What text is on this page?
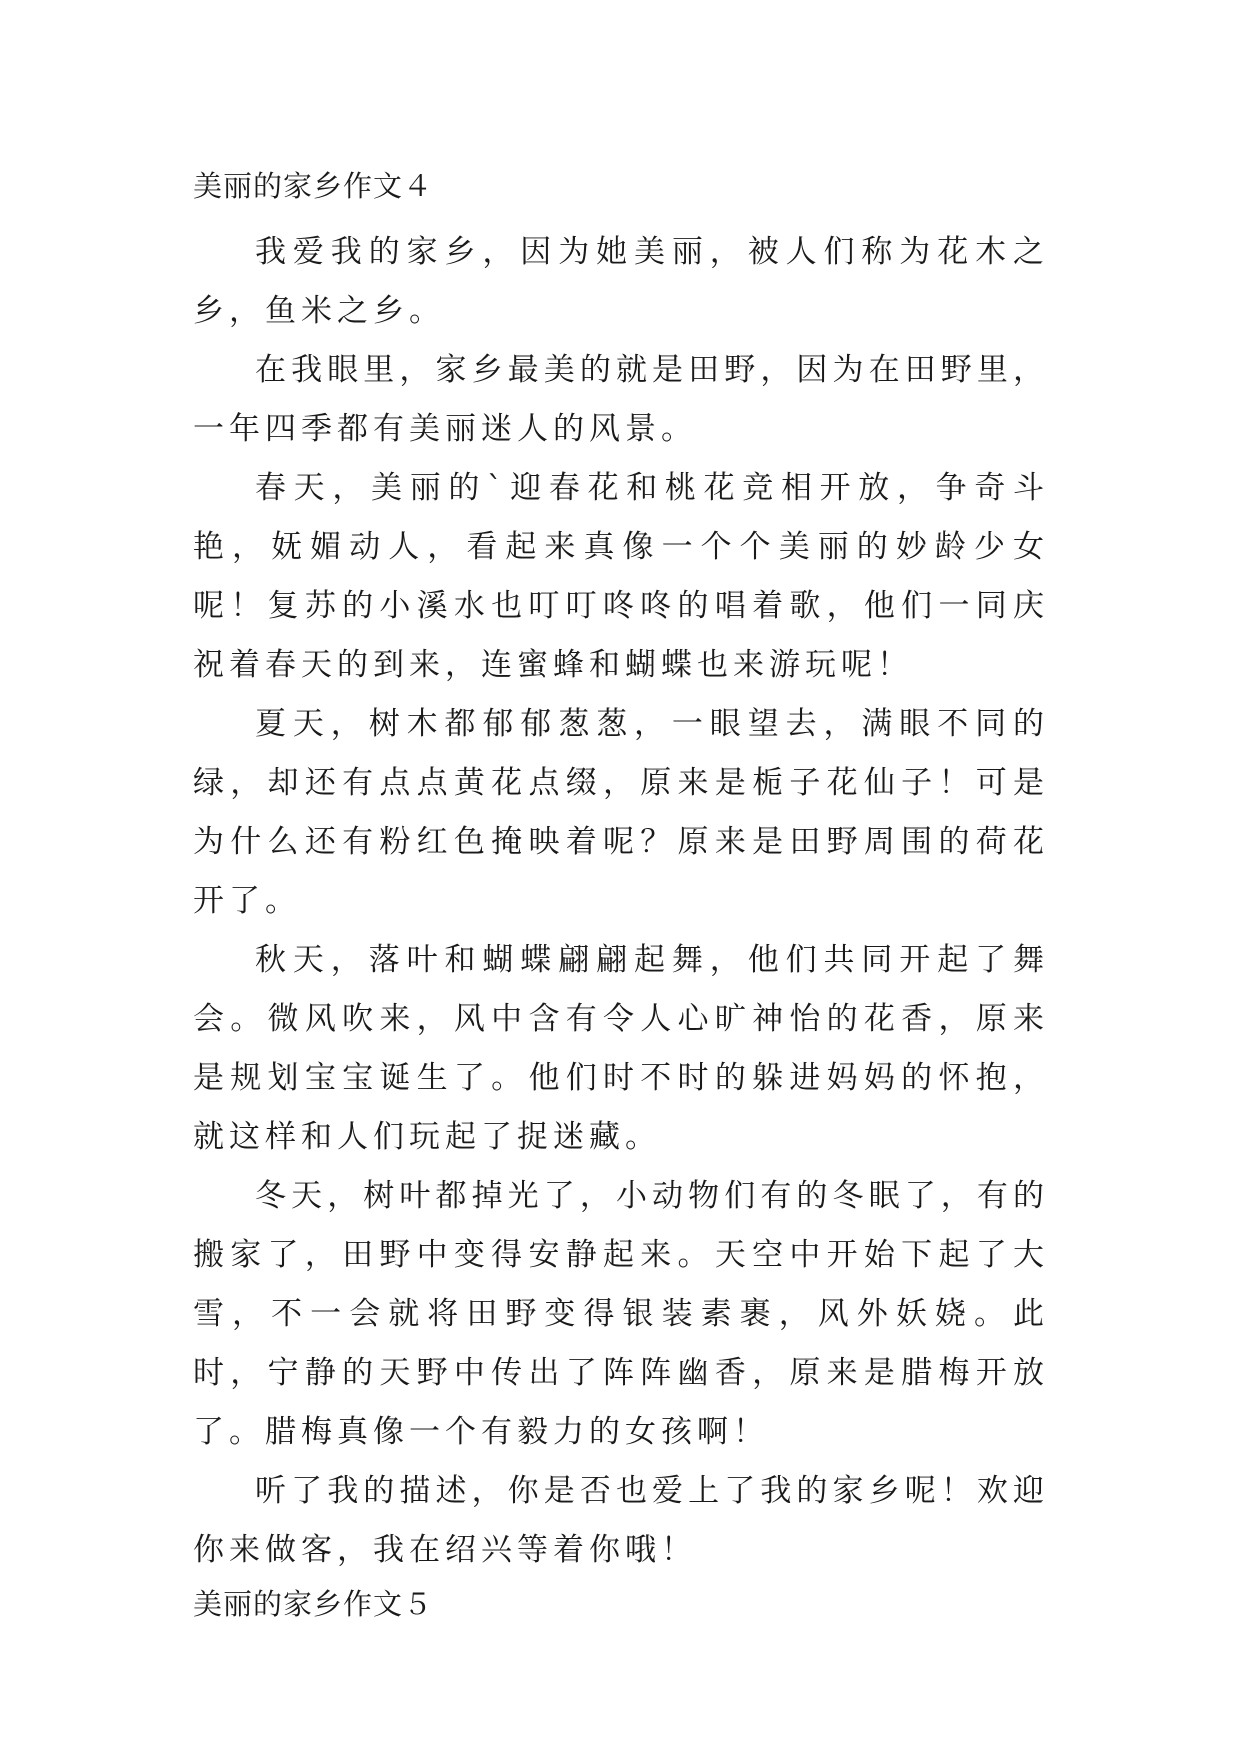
美丽的家乡作文４

我爱我的家乡，因为她美丽，被人们称为花木之乡，鱼米之乡。

在我眼里，家乡最美的就是田野，因为在田野里，一年四季都有美丽迷人的风景。

春天，美丽的`迎春花和桃花竞相开放，争奇斗艳，妩媚动人，看起来真像一个个美丽的妙龄少女呢！复苏的小溪水也叮叮咚咚的唱着歌，他们一同庆祝着春天的到来，连蜜蜂和蝴蝶也来游玩呢！

夏天，树木都郁郁葱葱，一眼望去，满眼不同的绿，却还有点点黄花点缀，原来是栀子花仙子！可是为什么还有粉红色掩映着呢？原来是田野周围的荷花开了。

秋天，落叶和蝴蝶翩翩起舞，他们共同开起了舞会。微风吹来，风中含有令人心旷神怡的花香，原来是规划宝宝诞生了。他们时不时的躲进妈妈的怀抱，就这样和人们玩起了捉迷藏。

冬天，树叶都掉光了，小动物们有的冬眠了，有的搬家了，田野中变得安静起来。天空中开始下起了大雪，不一会就将田野变得银装素裹，风外妖娆。此时，宁静的天野中传出了阵阵幽香，原来是腊梅开放了。腊梅真像一个有毅力的女孩啊！

听了我的描述，你是否也爱上了我的家乡呢！欢迎你来做客，我在绍兴等着你哦！

美丽的家乡作文５
